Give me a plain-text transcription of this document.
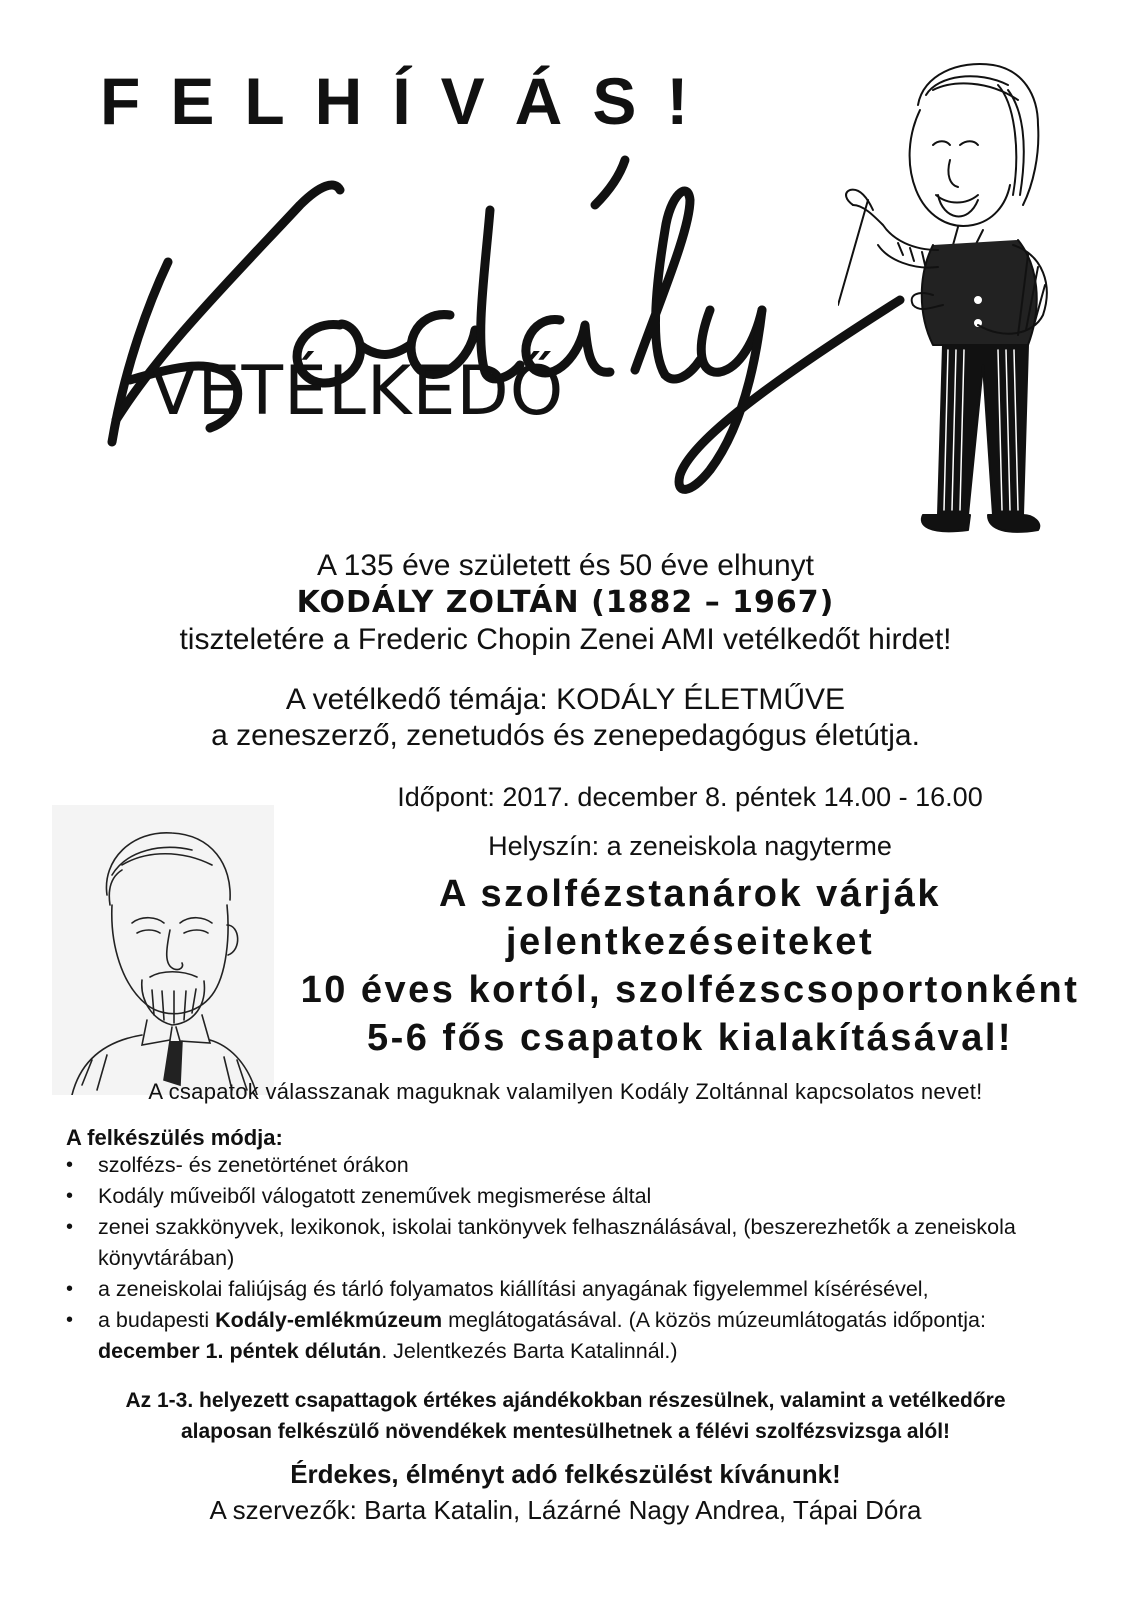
FELHÍVÁS!
VETÉLKEDŐ
A 135 éve született és 50 éve elhunyt
KODÁLY ZOLTÁN (1882 – 1967)
tiszteletére a Frederic Chopin Zenei AMI vetélkedőt hirdet!
A vetélkedő témája: KODÁLY ÉLETMŰVE
a zeneszerző, zenetudós és zenepedagógus életútja.
Időpont: 2017. december 8. péntek 14.00 - 16.00
Helyszín: a zeneiskola nagyterme
A szolfézstanárok várják
jelentkezéseiteket
10 éves kortól, szolfézscsoportonként
5-6 fős csapatok kialakításával!
A csapatok válasszanak maguknak valamilyen Kodály Zoltánnal kapcsolatos nevet!
A felkészülés módja:
• szolfézs- és zenetörténet órákon
• Kodály műveiből válogatott zeneművek megismerése által
• zenei szakkönyvek, lexikonok, iskolai tankönyvek felhasználásával, (beszerezhetők a zeneiskola könyvtárában)
• a zeneiskolai faliújság és tárló folyamatos kiállítási anyagának figyelemmel kísérésével,
• a budapesti Kodály-emlékmúzeum meglátogatásával. (A közös múzeumlátogatás időpontja: december 1. péntek délután. Jelentkezés Barta Katalinnál.)
Az 1-3. helyezett csapattagok értékes ajándékokban részesülnek, valamint a vetélkedőre
alaposan felkészülő növendékek mentesülhetnek a félévi szolfézsvizsga alól!
Érdekes, élményt adó felkészülést kívánunk!
A szervezők: Barta Katalin, Lázárné Nagy Andrea, Tápai Dóra
